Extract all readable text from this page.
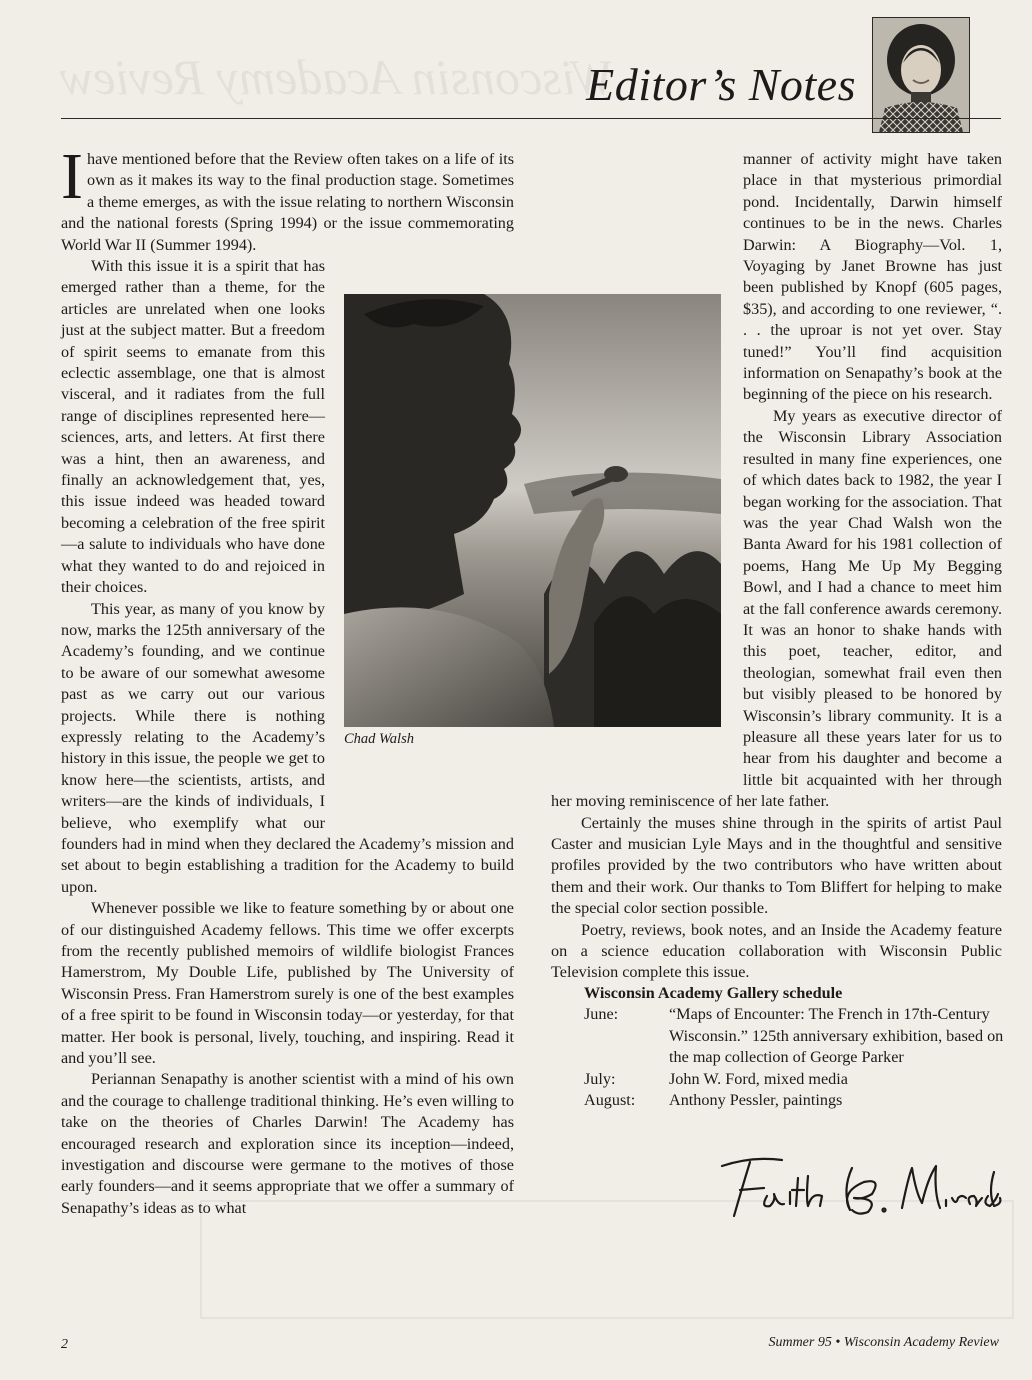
Wisconsin Academy Review
Editor’s Notes
I have mentioned before that the Review often takes on a life of its own as it makes its way to the final production stage. Sometimes a theme emerges, as with the issue relating to northern Wisconsin and the national forests (Spring 1994) or the issue commemorating World War II (Summer 1994).

With this issue it is a spirit that has emerged rather than a theme, for the articles are unrelated when one looks just at the subject matter. But a freedom of spirit seems to emanate from this eclectic assemblage, one that is almost visceral, and it radiates from the full range of disciplines represented here—sciences, arts, and letters. At first there was a hint, then an awareness, and finally an acknowledgement that, yes, this issue indeed was headed toward becoming a celebration of the free spirit—a salute to individuals who have done what they wanted to do and rejoiced in their choices.

This year, as many of you know by now, marks the 125th anniversary of the Academy’s founding, and we continue to be aware of our somewhat awesome past as we carry out our various projects. While there is nothing expressly relating to the Academy’s history in this issue, the people we get to know here—the scientists, artists, and writers—are the kinds of individuals, I believe, who exemplify what our founders had in mind when they declared the Academy’s mission and set about to begin establishing a tradition for the Academy to build upon.

Whenever possible we like to feature something by or about one of our distinguished Academy fellows. This time we offer excerpts from the recently published memoirs of wildlife biologist Frances Hamerstrom, My Double Life, published by The University of Wisconsin Press. Fran Hamerstrom surely is one of the best examples of a free spirit to be found in Wisconsin today—or yesterday, for that matter. Her book is personal, lively, touching, and inspiring. Read it and you’ll see.

Periannan Senapathy is another scientist with a mind of his own and the courage to challenge traditional thinking. He’s even willing to take on the theories of Charles Darwin! The Academy has encouraged research and exploration since its inception—indeed, investigation and discourse were germane to the motives of those early founders—and it seems appropriate that we offer a summary of Senapathy’s ideas as to what

Chad Walsh

manner of activity might have taken place in that mysterious primordial pond. Incidentally, Darwin himself continues to be in the news. Charles Darwin: A Biography—Vol. 1, Voyaging by Janet Browne has just been published by Knopf (605 pages, $35), and according to one reviewer, “. . . the uproar is not yet over. Stay tuned!” You’ll find acquisition information on Senapathy’s book at the beginning of the piece on his research.

My years as executive director of the Wisconsin Library Association resulted in many fine experiences, one of which dates back to 1982, the year I began working for the association. That was the year Chad Walsh won the Banta Award for his 1981 collection of poems, Hang Me Up My Begging Bowl, and I had a chance to meet him at the fall conference awards ceremony. It was an honor to shake hands with this poet, teacher, editor, and theologian, somewhat frail even then but visibly pleased to be honored by Wisconsin’s library community. It is a pleasure all these years later for us to hear from his daughter and become a little bit acquainted with her through her moving reminiscence of her late father.

Certainly the muses shine through in the spirits of artist Paul Caster and musician Lyle Mays and in the thoughtful and sensitive profiles provided by the two contributors who have written about them and their work. Our thanks to Tom Bliffert for helping to make the special color section possible.

Poetry, reviews, book notes, and an Inside the Academy feature on a science education collaboration with Wisconsin Public Television complete this issue.

Wisconsin Academy Gallery schedule

June:	“Maps of Encounter: The French in 17th-Century Wisconsin.” 125th anniversary exhibition, based on the map collection of George Parker
July:	John W. Ford, mixed media
August:	Anthony Pessler, paintings
2	Summer 95 • Wisconsin Academy Review
